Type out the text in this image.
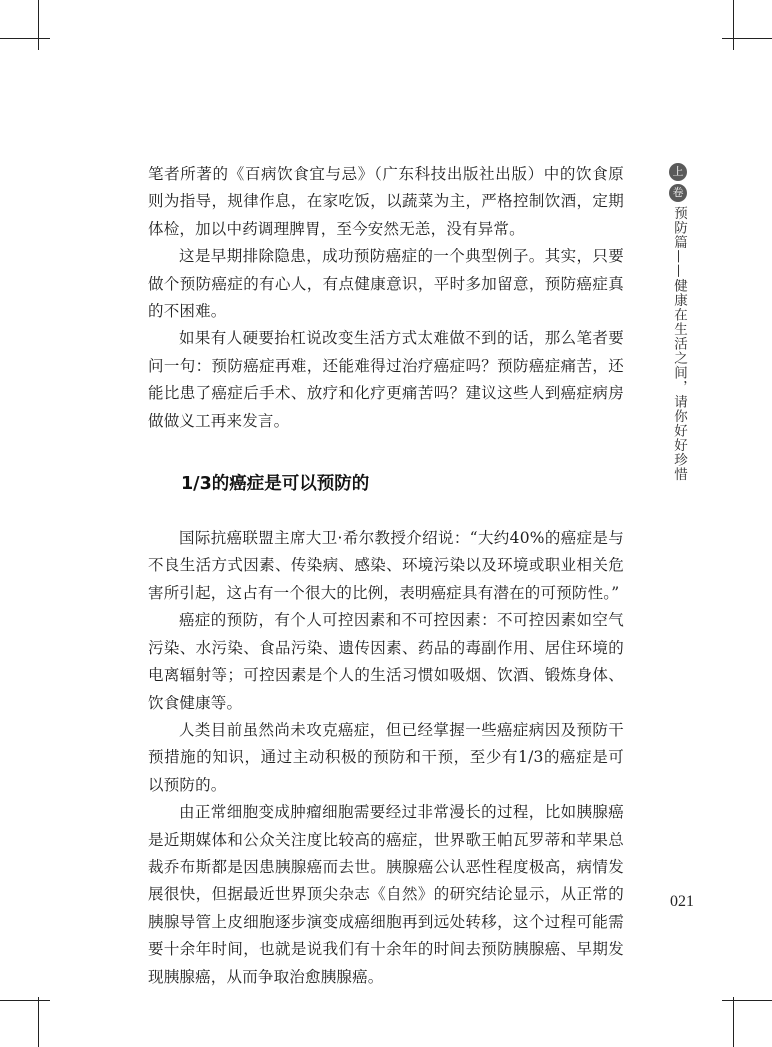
笔者所著的《百病饮食宜与忌》（广东科技出版社出版）中的饮食原则为指导，规律作息，在家吃饭，以蔬菜为主，严格控制饮酒，定期体检，加以中药调理脾胃，至今安然无恙，没有异常。

这是早期排除隐患，成功预防癌症的一个典型例子。其实，只要做个预防癌症的有心人，有点健康意识，平时多加留意，预防癌症真的不困难。

如果有人硬要抬杠说改变生活方式太难做不到的话，那么笔者要问一句：预防癌症再难，还能难得过治疗癌症吗？预防癌症痛苦，还能比患了癌症后手术、放疗和化疗更痛苦吗？建议这些人到癌症病房做做义工再来发言。

1/3的癌症是可以预防的

国际抗癌联盟主席大卫·希尔教授介绍说：“大约40%的癌症是与不良生活方式因素、传染病、感染、环境污染以及环境或职业相关危害所引起，这占有一个很大的比例，表明癌症具有潜在的可预防性。”

癌症的预防，有个人可控因素和不可控因素：不可控因素如空气污染、水污染、食品污染、遗传因素、药品的毒副作用、居住环境的电离辐射等；可控因素是个人的生活习惯如吸烟、饮酒、锻炼身体、饮食健康等。

人类目前虽然尚未攻克癌症，但已经掌握一些癌症病因及预防干预措施的知识，通过主动积极的预防和干预，至少有1/3的癌症是可以预防的。

由正常细胞变成肿瘤细胞需要经过非常漫长的过程，比如胰腺癌是近期媒体和公众关注度比较高的癌症，世界歌王帕瓦罗蒂和苹果总裁乔布斯都是因患胰腺癌而去世。胰腺癌公认恶性程度极高，病情发展很快，但据最近世界顶尖杂志《自然》的研究结论显示，从正常的胰腺导管上皮细胞逐步演变成癌细胞再到远处转移，这个过程可能需要十余年时间，也就是说我们有十余年的时间去预防胰腺癌、早期发现胰腺癌，从而争取治愈胰腺癌。

上
卷
预防篇——健康在生活之间，请你好好珍惜
021
